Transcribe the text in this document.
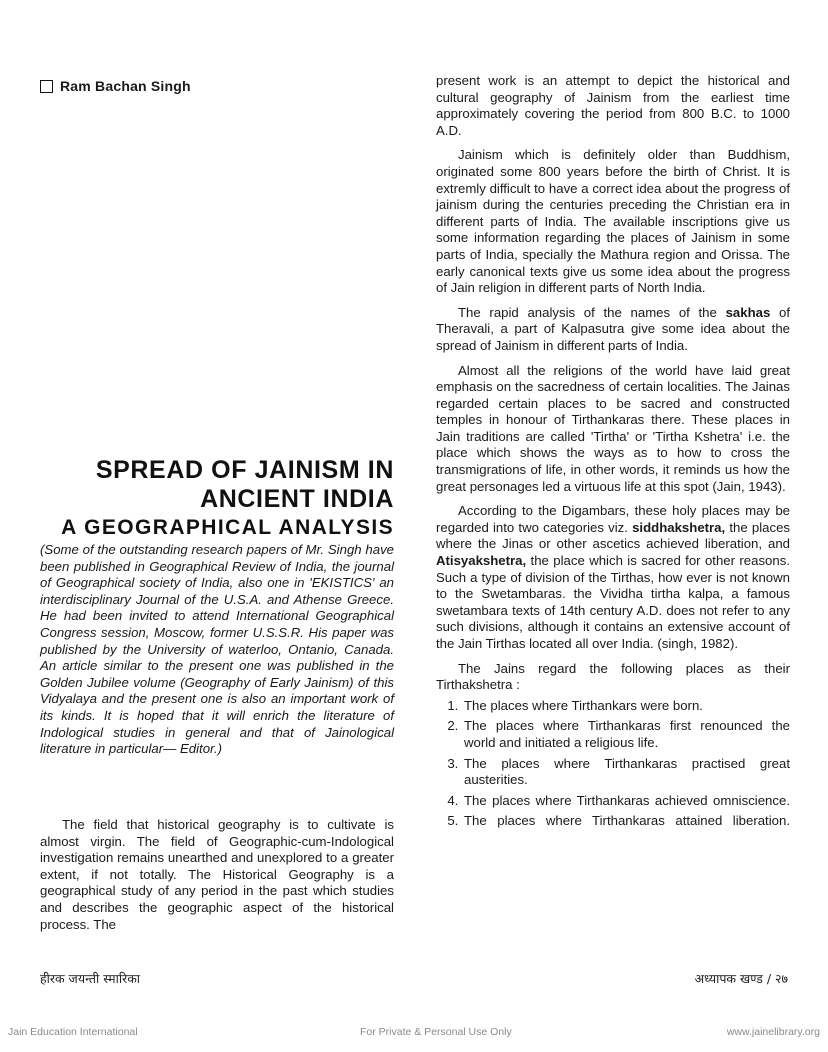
Ram Bachan Singh
SPREAD OF JAINISM IN
ANCIENT INDIA
A GEOGRAPHICAL ANALYSIS

(Some of the outstanding research papers of Mr. Singh have been published in Geographical Review of India, the journal of Geographical society of India, also one in 'EKISTICS' an interdisciplinary Journal of the U.S.A. and Athense Greece. He had been invited to attend International Geographical Congress session, Moscow, former U.S.S.R. His paper was published by the University of waterloo, Ontanio, Canada. An article similar to the present one was published in the Golden Jubilee volume (Geography of Early Jainism) of this Vidyalaya and the present one is also an important work of its kinds. It is hoped that it will enrich the literature of Indological studies in general and that of Jainological literature in particular— Editor.)

The field that historical geography is to cultivate is almost virgin. The field of Geographic-cum-Indological investigation remains unearthed and unexplored to a greater extent, if not totally. The Historical Geography is a geographical study of any period in the past which studies and describes the geographic aspect of the historical process. The

present work is an attempt to depict the historical and cultural geography of Jainism from the earliest time approximately covering the period from 800 B.C. to 1000 A.D.

Jainism which is definitely older than Buddhism, originated some 800 years before the birth of Christ. It is extremly difficult to have a correct idea about the progress of jainism during the centuries preceding the Christian era in different parts of India. The available inscriptions give us some information regarding the places of Jainism in some parts of India, specially the Mathura region and Orissa. The early canonical texts give us some idea about the progress of Jain religion in different parts of North India.

The rapid analysis of the names of the sakhas of Theravali, a part of Kalpasutra give some idea about the spread of Jainism in different parts of India.

Almost all the religions of the world have laid great emphasis on the sacredness of certain localities. The Jainas regarded certain places to be sacred and constructed temples in honour of Tirthankaras there. These places in Jain traditions are called 'Tirtha' or 'Tirtha Kshetra' i.e. the place which shows the ways as to how to cross the transmigrations of life, in other words, it reminds us how the great personages led a virtuous life at this spot (Jain, 1943).

According to the Digambars, these holy places may be regarded into two categories viz. siddhakshetra, the places where the Jinas or other ascetics achieved liberation, and Atisyakshetra, the place which is sacred for other reasons. Such a type of division of the Tirthas, how ever is not known to the Swetambaras. the Vividha tirtha kalpa, a famous swetambara texts of 14th century A.D. does not refer to any such divisions, although it contains an extensive account of the Jain Tirthas located all over India. (singh, 1982).

The Jains regard the following places as their Tirthakshetra :

1. The places where Tirthankars were born.
2. The places where Tirthankaras first renounced the world and initiated a religious life.
3. The places where Tirthankaras practised great austerities.
4. The places where Tirthankaras achieved omniscience.
5. The places where Tirthankaras attained liberation.
हीरक जयन्ती स्मारिका	अध्यापक खण्ड / २७
Jain Education International	For Private & Personal Use Only	www.jainelibrary.org
